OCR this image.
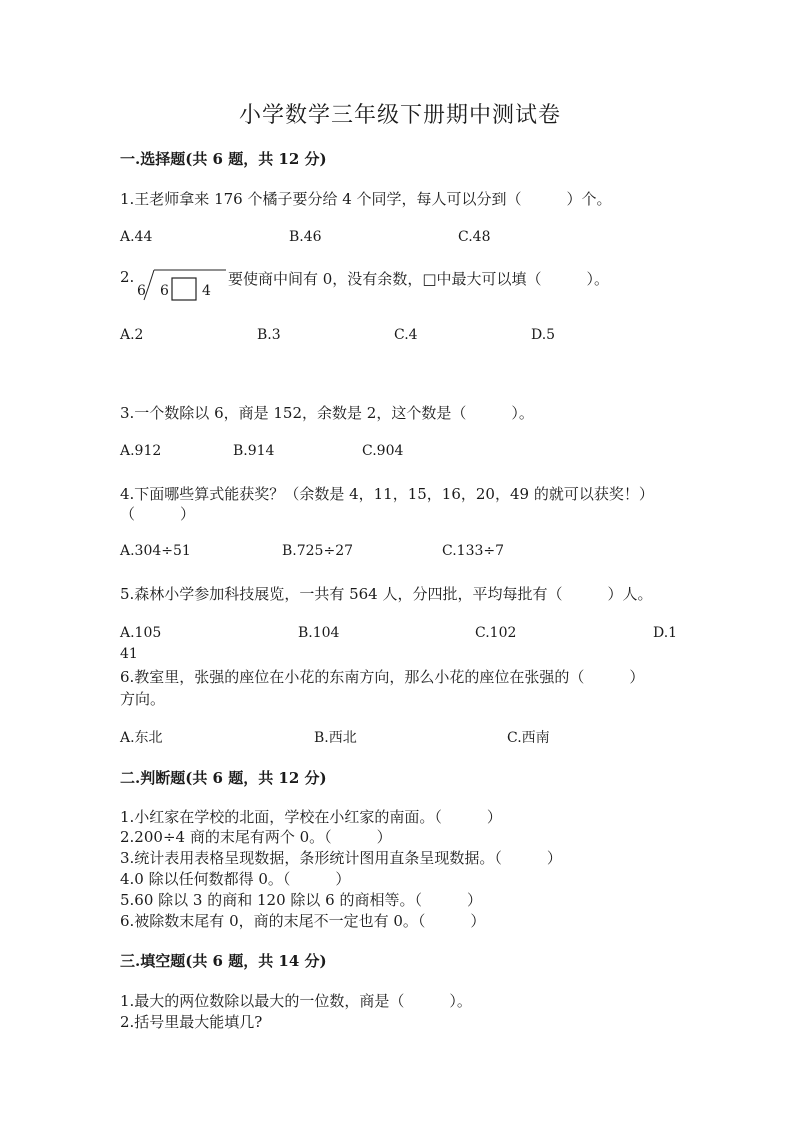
小学数学三年级下册期中测试卷
一.选择题(共 6 题，共 12 分)
1.王老师拿来 176 个橘子要分给 4 个同学，每人可以分到（　　　）个。
A.44	B.46	C.48
2.
6 6 4
要使商中间有 0，没有余数，□中最大可以填（　　　）。
A.2	B.3	C.4	D.5
3.一个数除以 6，商是 152，余数是 2，这个数是（　　　）。
A.912	B.914	C.904
4.下面哪些算式能获奖？（余数是 4，11，15，16，20，49 的就可以获奖！）
（　　　）
A.304÷51	B.725÷27	C.133÷7
5.森林小学参加科技展览，一共有 564 人，分四批，平均每批有（　　　）人。
A.105	B.104	C.102	D.1
41
6.教室里，张强的座位在小花的东南方向，那么小花的座位在张强的（　　　）
方向。
A.东北	B.西北	C.西南
二.判断题(共 6 题，共 12 分)
1.小红家在学校的北面，学校在小红家的南面。（　　　）
2.200÷4 商的末尾有两个 0。（　　　）
3.统计表用表格呈现数据，条形统计图用直条呈现数据。（　　　）
4.0 除以任何数都得 0。（　　　）
5.60 除以 3 的商和 120 除以 6 的商相等。（　　　）
6.被除数末尾有 0，商的末尾不一定也有 0。（　　　）
三.填空题(共 6 题，共 14 分)
1.最大的两位数除以最大的一位数，商是（　　　）。
2.括号里最大能填几?
